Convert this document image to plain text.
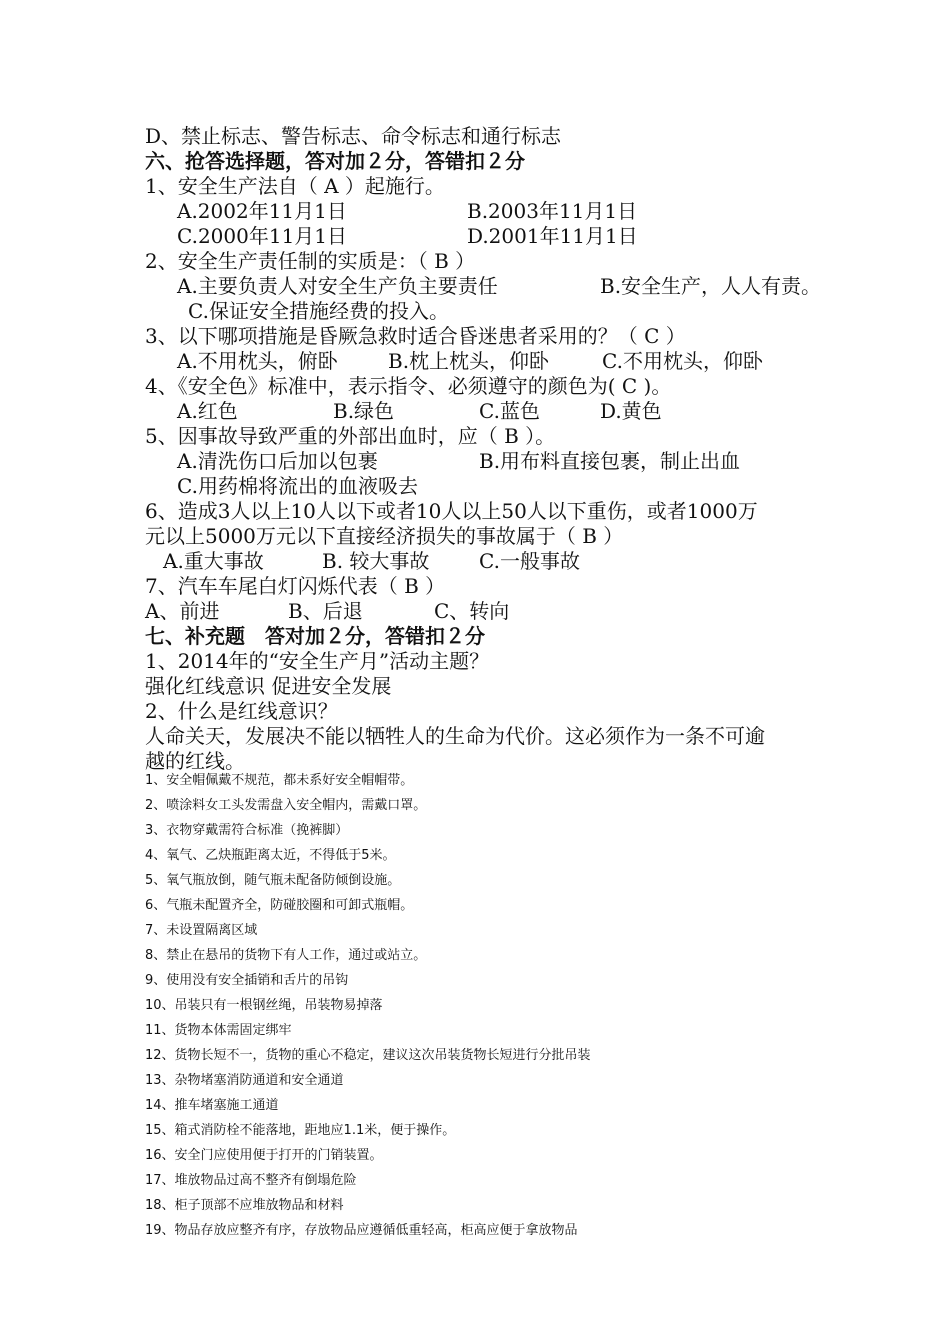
D、禁止标志、警告标志、命令标志和通行标志
六、抢答选择题，答对加２分，答错扣２分
1、安全生产法自（ A ）起施行。
A.2002年11月1日	B.2003年11月1日
C.2000年11月1日	D.2001年11月1日
2、安全生产责任制的实质是：（ B ）
A.主要负责人对安全生产负主要责任	B.安全生产，人人有责。
C.保证安全措施经费的投入。
3、以下哪项措施是昏厥急救时适合昏迷患者采用的？（ C ）
A.不用枕头，俯卧	B.枕上枕头，仰卧	C.不用枕头，仰卧
4、《安全色》标准中，表示指令、必须遵守的颜色为( C )。
A.红色	B.绿色	C.蓝色	D.黄色
5、因事故导致严重的外部出血时，应（ B ）。
A.清洗伤口后加以包裹	B.用布料直接包裹，制止出血
C.用药棉将流出的血液吸去
6、造成3人以上10人以下或者10人以上50人以下重伤，或者1000万
元以上5000万元以下直接经济损失的事故属于（ B ）
A.重大事故	B. 较大事故 C.一般事故
7、汽车车尾白灯闪烁代表（ B ）
A、前进	B、后退	C、转向
七、补充题　答对加２分，答错扣２分
1、2014年的“安全生产月”活动主题？
强化红线意识 促进安全发展
2、什么是红线意识？
人命关天，发展决不能以牺牲人的生命为代价。这必须作为一条不可逾
越的红线。
1、安全帽佩戴不规范，都未系好安全帽帽带。
2、喷涂料女工头发需盘入安全帽内，需戴口罩。
3、衣物穿戴需符合标准（挽裤脚）
4、氧气、乙炔瓶距离太近，不得低于5米。
5、氧气瓶放倒，随气瓶未配备防倾倒设施。
6、气瓶未配置齐全，防碰胶圈和可卸式瓶帽。
7、未设置隔离区域
8、禁止在悬吊的货物下有人工作，通过或站立。
9、使用没有安全插销和舌片的吊钩
10、吊装只有一根钢丝绳，吊装物易掉落
11、货物本体需固定绑牢
12、货物长短不一，货物的重心不稳定，建议这次吊装货物长短进行分批吊装
13、杂物堵塞消防通道和安全通道
14、推车堵塞施工通道
15、箱式消防栓不能落地，距地应1.1米，便于操作。
16、安全门应使用便于打开的门销装置。
17、堆放物品过高不整齐有倒塌危险
18、柜子顶部不应堆放物品和材料
19、物品存放应整齐有序，存放物品应遵循低重轻高，柜高应便于拿放物品
